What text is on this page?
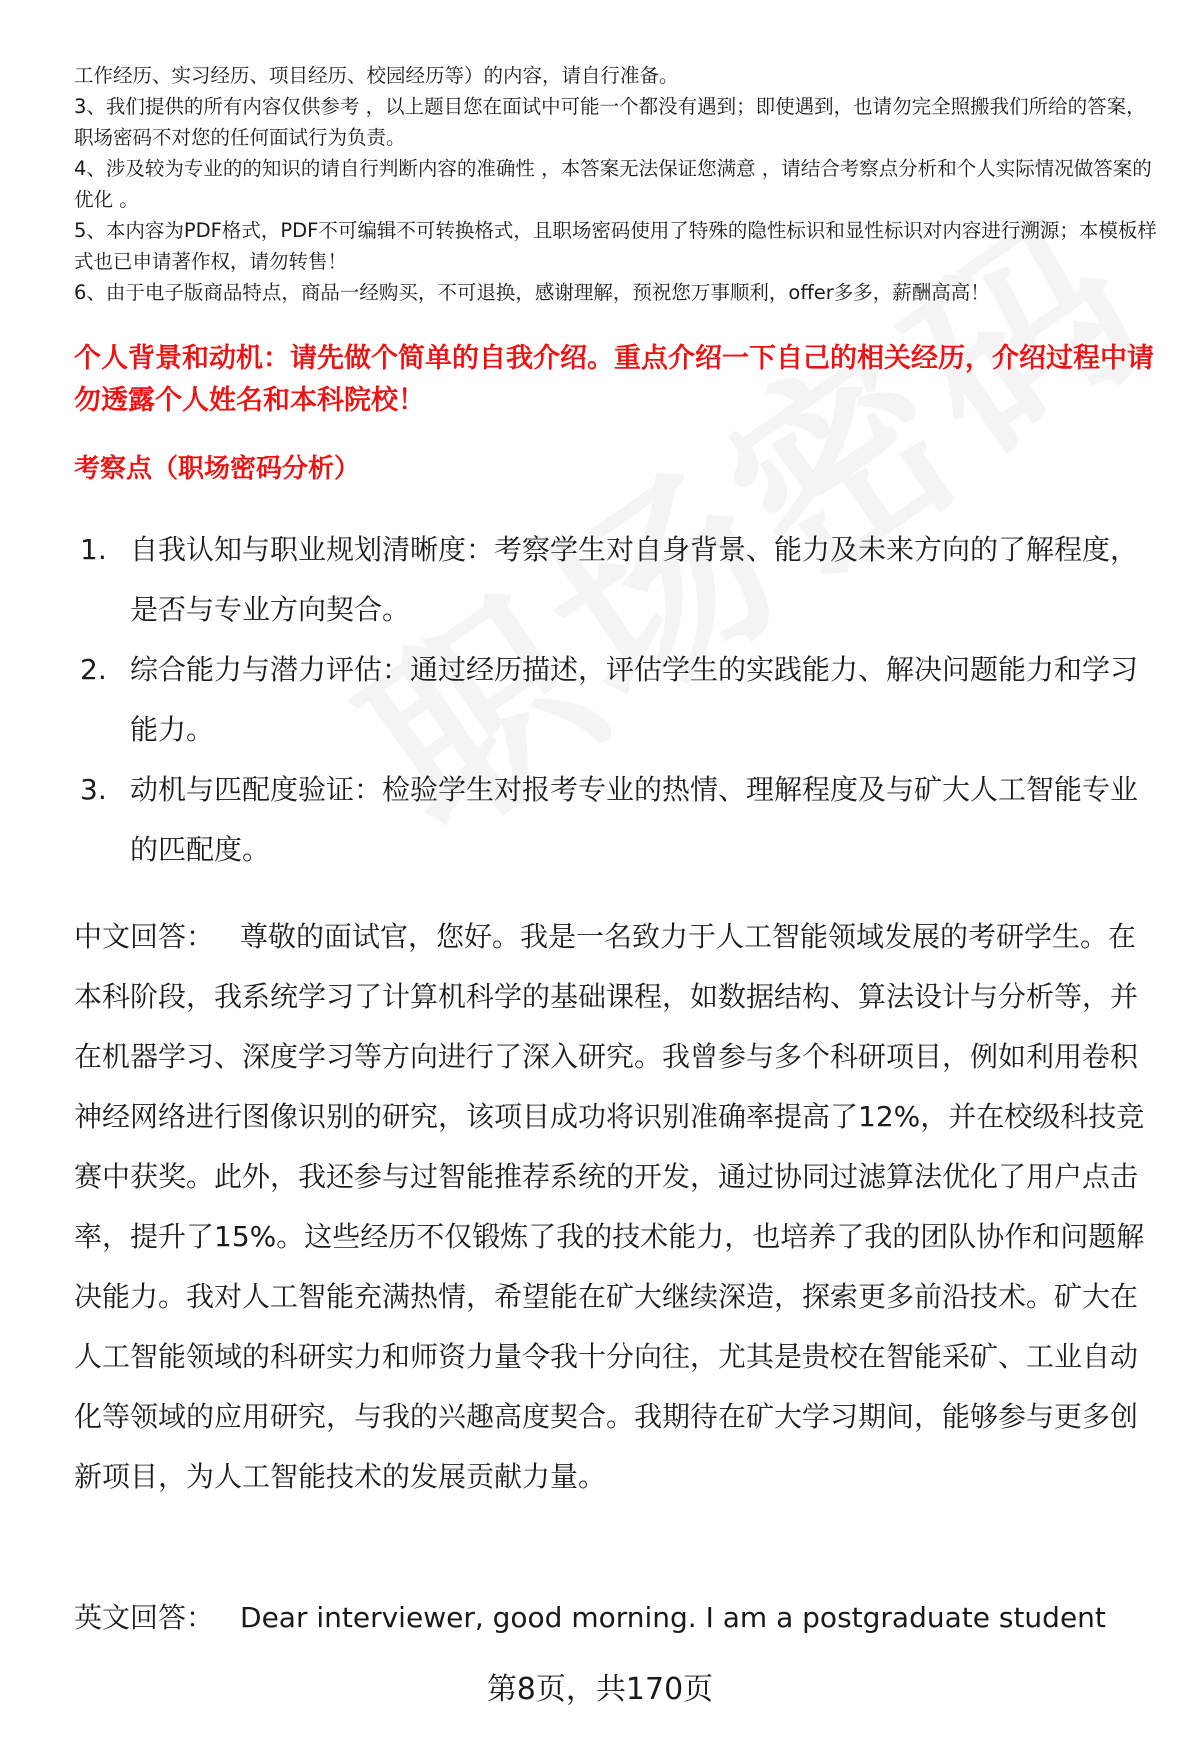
工作经历、实习经历、项目经历、校园经历等）的内容，请自行准备。

3、我们提供的所有内容仅供参考 ，以上题目您在面试中可能一个都没有遇到；即使遇到，也请勿完全照搬我们所给的答案，职场密码不对您的任何面试行为负责。

4、涉及较为专业的的知识的请自行判断内容的准确性 ，本答案无法保证您满意 ，请结合考察点分析和个人实际情况做答案的优化 。

5、本内容为PDF格式，PDF不可编辑不可转换格式，且职场密码使用了特殊的隐性标识和显性标识对内容进行溯源；本模板样式也已申请著作权，请勿转售！

6、由于电子版商品特点，商品一经购买，不可退换，感谢理解，预祝您万事顺利，offer多多，薪酬高高！

个人背景和动机：请先做个简单的自我介绍。重点介绍一下自己的相关经历，介绍过程中请勿透露个人姓名和本科院校！

考察点（职场密码分析）

1. 自我认知与职业规划清晰度：考察学生对自身背景、能力及未来方向的了解程度，是否与专业方向契合。
2. 综合能力与潜力评估：通过经历描述，评估学生的实践能力、解决问题能力和学习能力。
3. 动机与匹配度验证：检验学生对报考专业的热情、理解程度及与矿大人工智能专业的匹配度。

中文回答： 尊敬的面试官，您好。我是一名致力于人工智能领域发展的考研学生。在本科阶段，我系统学习了计算机科学的基础课程，如数据结构、算法设计与分析等，并在机器学习、深度学习等方向进行了深入研究。我曾参与多个科研项目，例如利用卷积神经网络进行图像识别的研究，该项目成功将识别准确率提高了12%，并在校级科技竞赛中获奖。此外，我还参与过智能推荐系统的开发，通过协同过滤算法优化了用户点击率，提升了15%。这些经历不仅锻炼了我的技术能力，也培养了我的团队协作和问题解决能力。我对人工智能充满热情，希望能在矿大继续深造，探索更多前沿技术。矿大在人工智能领域的科研实力和师资力量令我十分向往，尤其是贵校在智能采矿、工业自动化等领域的应用研究，与我的兴趣高度契合。我期待在矿大学习期间，能够参与更多创新项目，为人工智能技术的发展贡献力量。

英文回答： Dear interviewer, good morning. I am a postgraduate student

第8页，共170页
